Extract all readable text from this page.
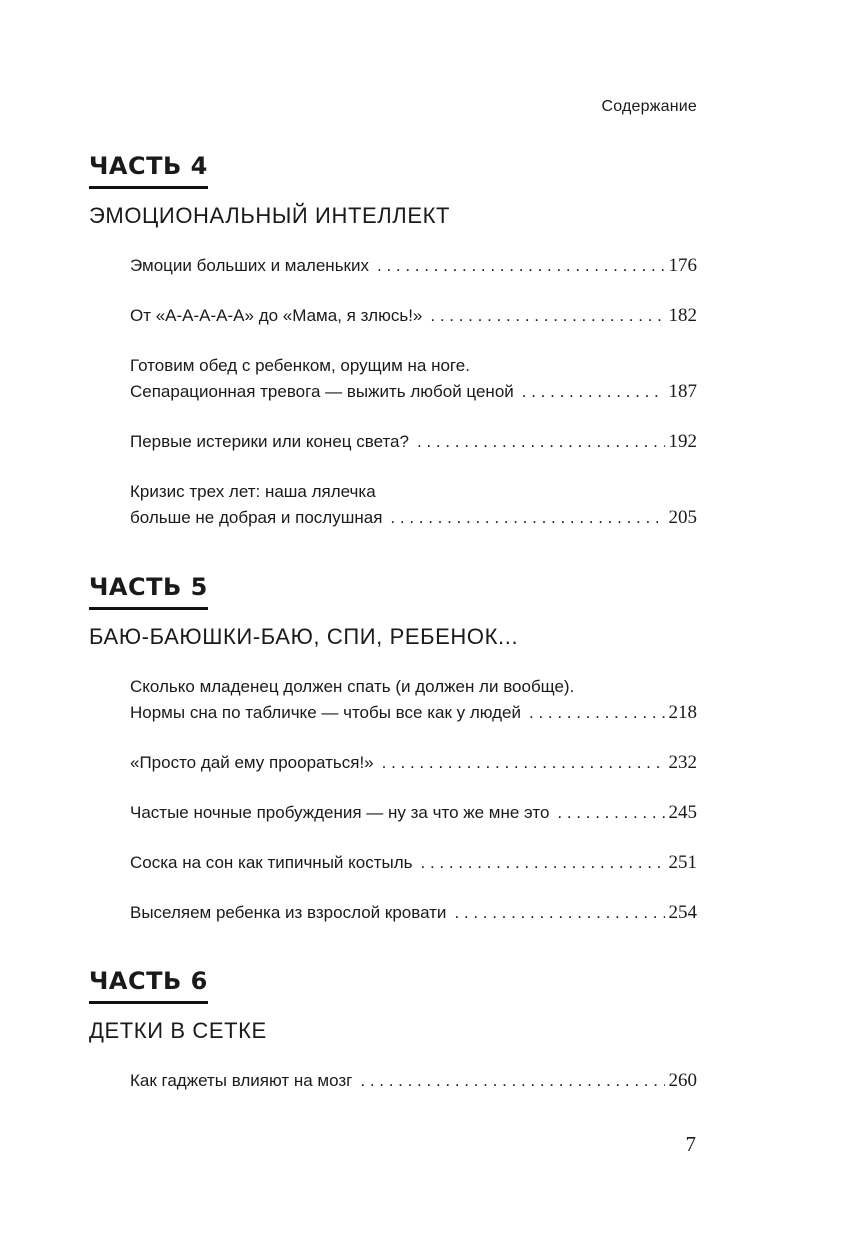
Содержание
ЧАСТЬ 4
ЭМОЦИОНАЛЬНЫЙ ИНТЕЛЛЕКТ
Эмоции больших и маленьких . . .	176
От «А-А-А-А-А» до «Мама, я злюсь!» . . .	182
Готовим обед с ребенком, орущим на ноге.
Сепарационная тревога — выжить любой ценой . . .	187
Первые истерики или конец света? . . .	192
Кризис трех лет: наша лялечка
больше не добрая и послушная . . .	205
ЧАСТЬ 5
БАЮ-БАЮШКИ-БАЮ, СПИ, РЕБЕНОК...
Сколько младенец должен спать (и должен ли вообще).
Нормы сна по табличке — чтобы все как у людей . . .	218
«Просто дай ему проораться!» . . .	232
Частые ночные пробуждения — ну за что же мне это . . .	245
Соска на сон как типичный костыль . . .	251
Выселяем ребенка из взрослой кровати . . .	254
ЧАСТЬ 6
ДЕТКИ В СЕТКЕ
Как гаджеты влияют на мозг . . .	260
7
